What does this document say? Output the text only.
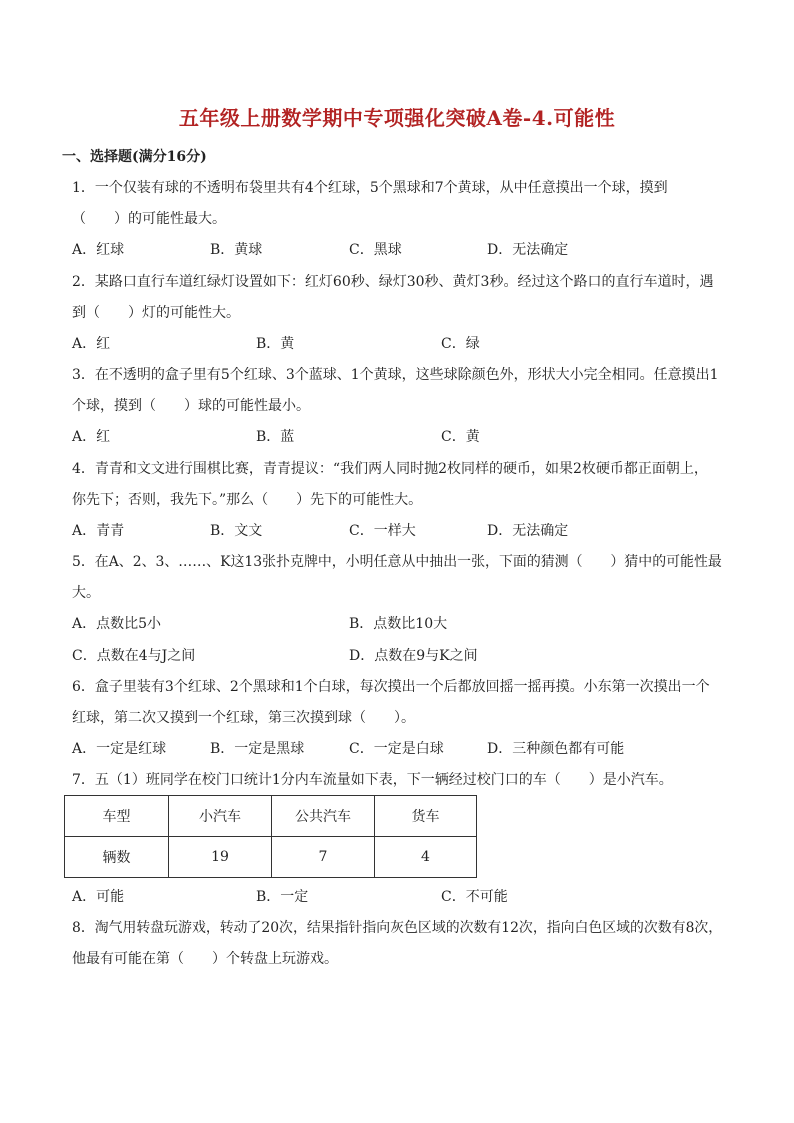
五年级上册数学期中专项强化突破A卷-4.可能性
一、选择题(满分16分)
1．一个仅装有球的不透明布袋里共有4个红球，5个黑球和7个黄球，从中任意摸出一个球，摸到
（　　）的可能性最大。
A．红球	B．黄球	C．黑球	D．无法确定
2．某路口直行车道红绿灯设置如下：红灯60秒、绿灯30秒、黄灯3秒。经过这个路口的直行车道时，遇
到（　　）灯的可能性大。
A．红	B．黄	C．绿
3．在不透明的盒子里有5个红球、3个蓝球、1个黄球，这些球除颜色外，形状大小完全相同。任意摸出1
个球，摸到（　　）球的可能性最小。
A．红	B．蓝	C．黄
4．青青和文文进行围棋比赛，青青提议：“我们两人同时抛2枚同样的硬币，如果2枚硬币都正面朝上，
你先下；否则，我先下。”那么（　　）先下的可能性大。
A．青青	B．文文	C．一样大	D．无法确定
5．在A、2、3、……、K这13张扑克牌中，小明任意从中抽出一张，下面的猜测（　　）猜中的可能性最
大。
A．点数比5小	B．点数比10大
C．点数在4与J之间	D．点数在9与K之间
6．盒子里装有3个红球、2个黑球和1个白球，每次摸出一个后都放回摇一摇再摸。小东第一次摸出一个
红球，第二次又摸到一个红球，第三次摸到球（　　）。
A．一定是红球	B．一定是黑球	C．一定是白球	D．三种颜色都有可能
7．五（1）班同学在校门口统计1分内车流量如下表，下一辆经过校门口的车（　　）是小汽车。
车型	小汽车	公共汽车	货车
辆数	19	7	4
A．可能	B．一定	C．不可能
8．淘气用转盘玩游戏，转动了20次，结果指针指向灰色区域的次数有12次，指向白色区域的次数有8次，
他最有可能在第（　　）个转盘上玩游戏。
